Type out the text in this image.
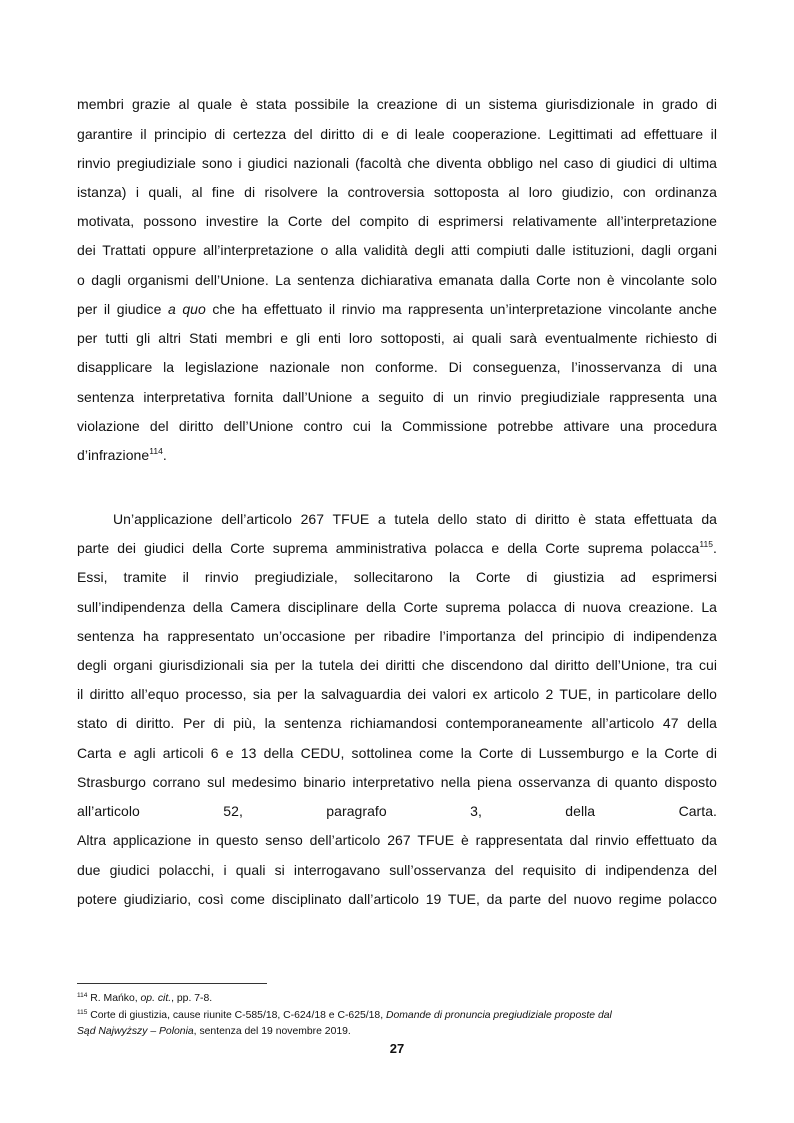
membri grazie al quale è stata possibile la creazione di un sistema giurisdizionale in grado di
garantire il principio di certezza del diritto di e di leale cooperazione. Legittimati ad effettuare il
rinvio pregiudiziale sono i giudici nazionali (facoltà che diventa obbligo nel caso di giudici di ultima
istanza) i quali, al fine di risolvere la controversia sottoposta al loro giudizio, con ordinanza
motivata, possono investire la Corte del compito di esprimersi relativamente all’interpretazione
dei Trattati oppure all’interpretazione o alla validità degli atti compiuti dalle istituzioni, dagli organi
o dagli organismi dell’Unione. La sentenza dichiarativa emanata dalla Corte non è vincolante solo
per il giudice a quo che ha effettuato il rinvio ma rappresenta un’interpretazione vincolante anche
per tutti gli altri Stati membri e gli enti loro sottoposti, ai quali sarà eventualmente richiesto di
disapplicare la legislazione nazionale non conforme. Di conseguenza, l’inosservanza di una
sentenza interpretativa fornita dall’Unione a seguito di un rinvio pregiudiziale rappresenta una
violazione del diritto dell’Unione contro cui la Commissione potrebbe attivare una procedura
d’infrazione$^{114}$.
Un’applicazione dell’articolo 267 TFUE a tutela dello stato di diritto è stata effettuata da
parte dei giudici della Corte suprema amministrativa polacca e della Corte suprema polacca$^{115}$.
Essi, tramite il rinvio pregiudiziale, sollecitarono la Corte di giustizia ad esprimersi
sull’indipendenza della Camera disciplinare della Corte suprema polacca di nuova creazione. La
sentenza ha rappresentato un’occasione per ribadire l’importanza del principio di indipendenza
degli organi giurisdizionali sia per la tutela dei diritti che discendono dal diritto dell’Unione, tra cui
il diritto all’equo processo, sia per la salvaguardia dei valori ex articolo 2 TUE, in particolare dello
stato di diritto. Per di più, la sentenza richiamandosi contemporaneamente all’articolo 47 della
Carta e agli articoli 6 e 13 della CEDU, sottolinea come la Corte di Lussemburgo e la Corte di
Strasburgo corrano sul medesimo binario interpretativo nella piena osservanza di quanto disposto
all’articolo 52, paragrafo 3, della Carta.
Altra applicazione in questo senso dell’articolo 267 TFUE è rappresentata dal rinvio effettuato da
due giudici polacchi, i quali si interrogavano sull’osservanza del requisito di indipendenza del
potere giudiziario, così come disciplinato dall’articolo 19 TUE, da parte del nuovo regime polacco
$^{114}$ R. Mańko, op. cit., pp. 7-8.
$^{115}$ Corte di giustizia, cause riunite C-585/18, C-624/18 e C-625/18, Domande di pronuncia pregiudiziale proposte dal
Sąd Najwyższy – Polonia, sentenza del 19 novembre 2019.
27
